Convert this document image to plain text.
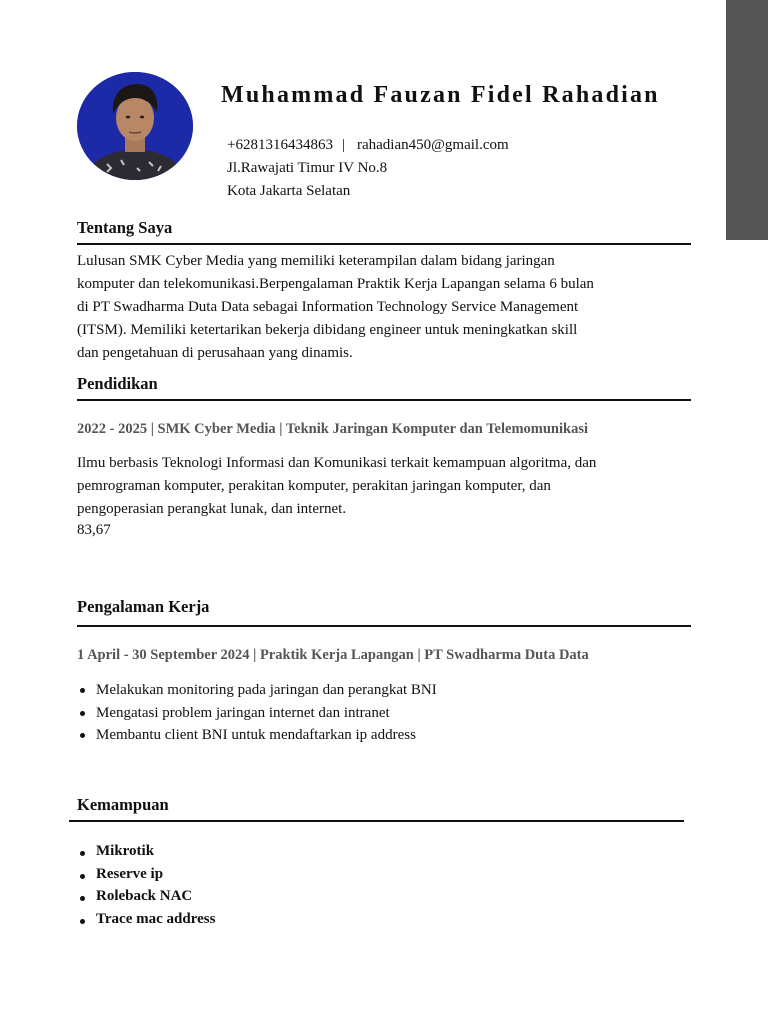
Muhammad Fauzan Fidel Rahadian
+6281316434863 | rahadian450@gmail.com
Jl.Rawajati Timur IV No.8
Kota Jakarta Selatan
Tentang Saya
Lulusan SMK Cyber Media yang memiliki keterampilan dalam bidang jaringan
komputer dan telekomunikasi.Berpengalaman Praktik Kerja Lapangan selama 6 bulan
di PT Swadharma Duta Data sebagai Information Technology Service Management
(ITSM). Memiliki ketertarikan bekerja dibidang engineer untuk meningkatkan skill
dan pengetahuan di perusahaan yang dinamis.
Pendidikan
2022 - 2025 | SMK Cyber Media | Teknik Jaringan Komputer dan Telemomunikasi
Ilmu berbasis Teknologi Informasi dan Komunikasi terkait kemampuan algoritma, dan
pemrograman komputer, perakitan komputer, perakitan jaringan komputer, dan
pengoperasian perangkat lunak, dan internet.
83,67
Pengalaman Kerja
1 April - 30 September 2024 | Praktik Kerja Lapangan | PT Swadharma Duta Data
Melakukan monitoring pada jaringan dan perangkat BNI
Mengatasi problem jaringan internet dan intranet
Membantu client BNI untuk mendaftarkan ip address
Kemampuan
Mikrotik
Reserve ip
Roleback NAC
Trace mac address
